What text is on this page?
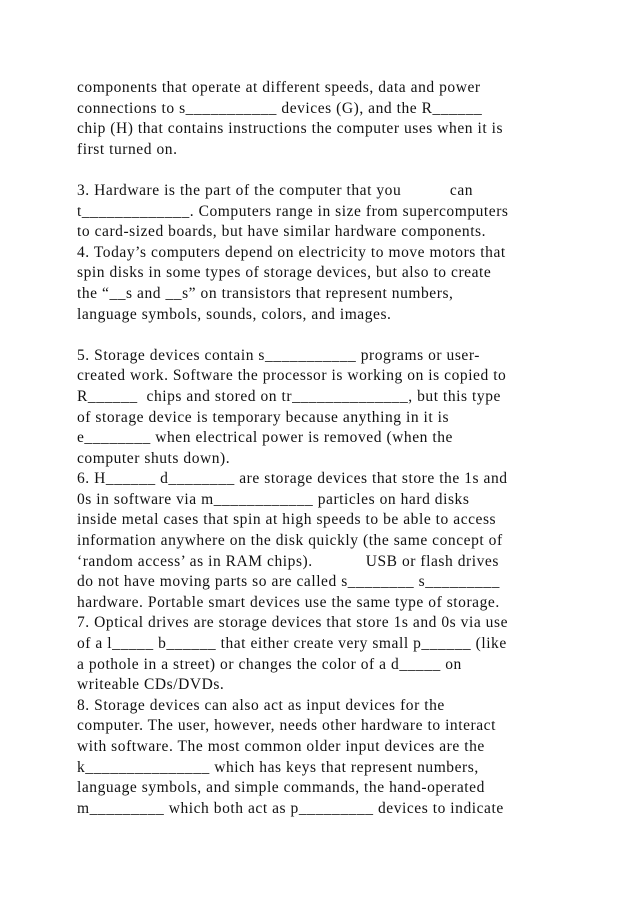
components that operate at different speeds, data and power
connections to s___________ devices (G), and the R______
chip (H) that contains instructions the computer uses when it is
first turned on.
3. Hardware is the part of the computer that you           can
t_____________. Computers range in size from supercomputers
to card-sized boards, but have similar hardware components.
4. Today’s computers depend on electricity to move motors that
spin disks in some types of storage devices, but also to create
the “__s and __s” on transistors that represent numbers,
language symbols, sounds, colors, and images.
5. Storage devices contain s___________ programs or user-
created work. Software the processor is working on is copied to
R______  chips and stored on tr______________, but this type
of storage device is temporary because anything in it is
e________ when electrical power is removed (when the
computer shuts down).
6. H______ d________ are storage devices that store the 1s and
0s in software via m____________ particles on hard disks
inside metal cases that spin at high speeds to be able to access
information anywhere on the disk quickly (the same concept of
‘random access’ as in RAM chips).            USB or flash drives
do not have moving parts so are called s________ s_________
hardware. Portable smart devices use the same type of storage.
7. Optical drives are storage devices that store 1s and 0s via use
of a l_____ b______ that either create very small p______ (like
a pothole in a street) or changes the color of a d_____ on
writeable CDs/DVDs.
8. Storage devices can also act as input devices for the
computer. The user, however, needs other hardware to interact
with software. The most common older input devices are the
k_______________ which has keys that represent numbers,
language symbols, and simple commands, the hand-operated
m_________ which both act as p_________ devices to indicate
